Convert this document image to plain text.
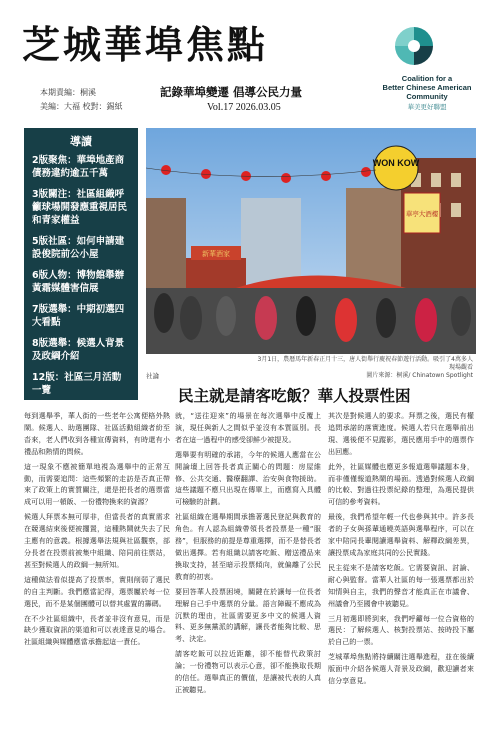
芝城華埠焦點
Coalition for a
Better Chinese American
Community
華美更好聯盟
本期責編：桐溪
美編：大福 校對：錫紙
記錄華埠變遷 倡導公民力量
Vol.17 2026.03.05
導讀
2版聚焦：華埠地產商債務違約逾五千萬
3版關注：社區組織呼籲球場開發應重視居民和青家權益
5版社區：如何申請建設俊院前公小屋
6版人物：博物館舉辦黃霜媒體害信展
7版選舉：中期初選四大看點
8版選舉：候選人背景及政綱介紹
12版：社區三月活動一覽
新華酒家
WON KOW
華亭大酒樓
3月1日，農曆馬年新春正月十三，唐人街舉行慶祝春節遊行活動。吸引了4萬多人現場觀看
圖片來源：桐溪/ Chinatown Spotlight
社論
民主就是請客吃飯？華人投票性困

每到選舉季，華人街的一些老年公寓便格外熱鬧。候選人、助選團隊、社區活動組織者紛至沓來，老人們收到各種宣傳資料，有時還有小禮品和熱情的問候。

這一現象不應被簡單地視為選舉中的正常互動，而需要追問：這些頻繁的走訪是否真正帶來了政策上的實質關注，還是把長者的選票當成可以用一頓飯、一份禮物換來的資源？

候選人拜票本無可厚非，但當長者的真實需求在競選結束後便被擱置，這種熱鬧就失去了民主應有的意義。根據選舉法規與社區觀察，部分長者在投票前被集中組織、陪同前往票站，甚至對候選人的政綱一無所知。

這種做法看似提高了投票率，實則削弱了選民的自主判斷。我們應當記得，選票屬於每一位選民，而不是某個團體可以替其處置的籌碼。

在不少社區組織中，長者並非沒有意見，而是缺少獲取資訊的渠道和可以表達意見的場合。社區組織與媒體應當承擔起這一責任。

就，“送往迎來”的場景在每次選舉中反覆上演，現任與新人之間似乎並沒有本質區別。長者在這一過程中的感受卻鮮少被提及。

選舉要有明確的承諾，今年的候選人應當在公開論壇上回答長者真正關心的問題：房屋維修、公共交通、醫療翻譯、治安與食物援助。這些議題不應只出現在傳單上，而應寫入具體可檢驗的計劃。

社區組織在選舉期間承擔著選民登記與教育的角色。有人認為組織帶領長者投票是一種“服務”，但服務的前提是尊重選擇，而不是替長者做出選擇。若有組織以請客吃飯、贈送禮品來換取支持，甚至暗示投票傾向，就偏離了公民教育的初衷。

要回答華人投票困境，關鍵在於讓每一位長者理解自己手中選票的分量。語言障礙不應成為沉默的理由，社區需要更多中文的候選人資料、更多無黨派的講解，讓長者能夠比較、思考、決定。

請客吃飯可以拉近距離，卻不能替代政策討論；一份禮物可以表示心意，卻不能換取長期的信任。選舉真正的價值，是讓被代表的人真正被聽見。

其次是對候選人的要求。拜票之後，選民有權追問承諾的落實進度。候選人若只在選舉前出現、選後便不見蹤影，選民應用手中的選票作出回應。

此外，社區媒體也應更多報道選舉議題本身，而非僅僅報道熱鬧的場面。透過對候選人政綱的比較、對過往投票紀錄的整理，為選民提供可信的參考資料。

最後，我們希望年輕一代也參與其中。許多長者的子女與孫輩通曉英語與選舉程序，可以在家中陪同長輩閱讀選舉資料、解釋政綱差異，讓投票成為家庭共同的公民實踐。

民主從來不是請客吃飯。它需要資訊、討論、耐心與監督。當華人社區的每一張選票都出於知情與自主，我們的聲音才能真正在市議會、州議會乃至國會中被聽見。

三月初選即將到來，我們呼籲每一位合資格的選民：了解候選人、核對投票站、按時投下屬於自己的一票。

芝城華埠焦點將持續關注選舉進程，並在後續版面中介紹各候選人背景及政綱，歡迎讀者來信分享意見。
